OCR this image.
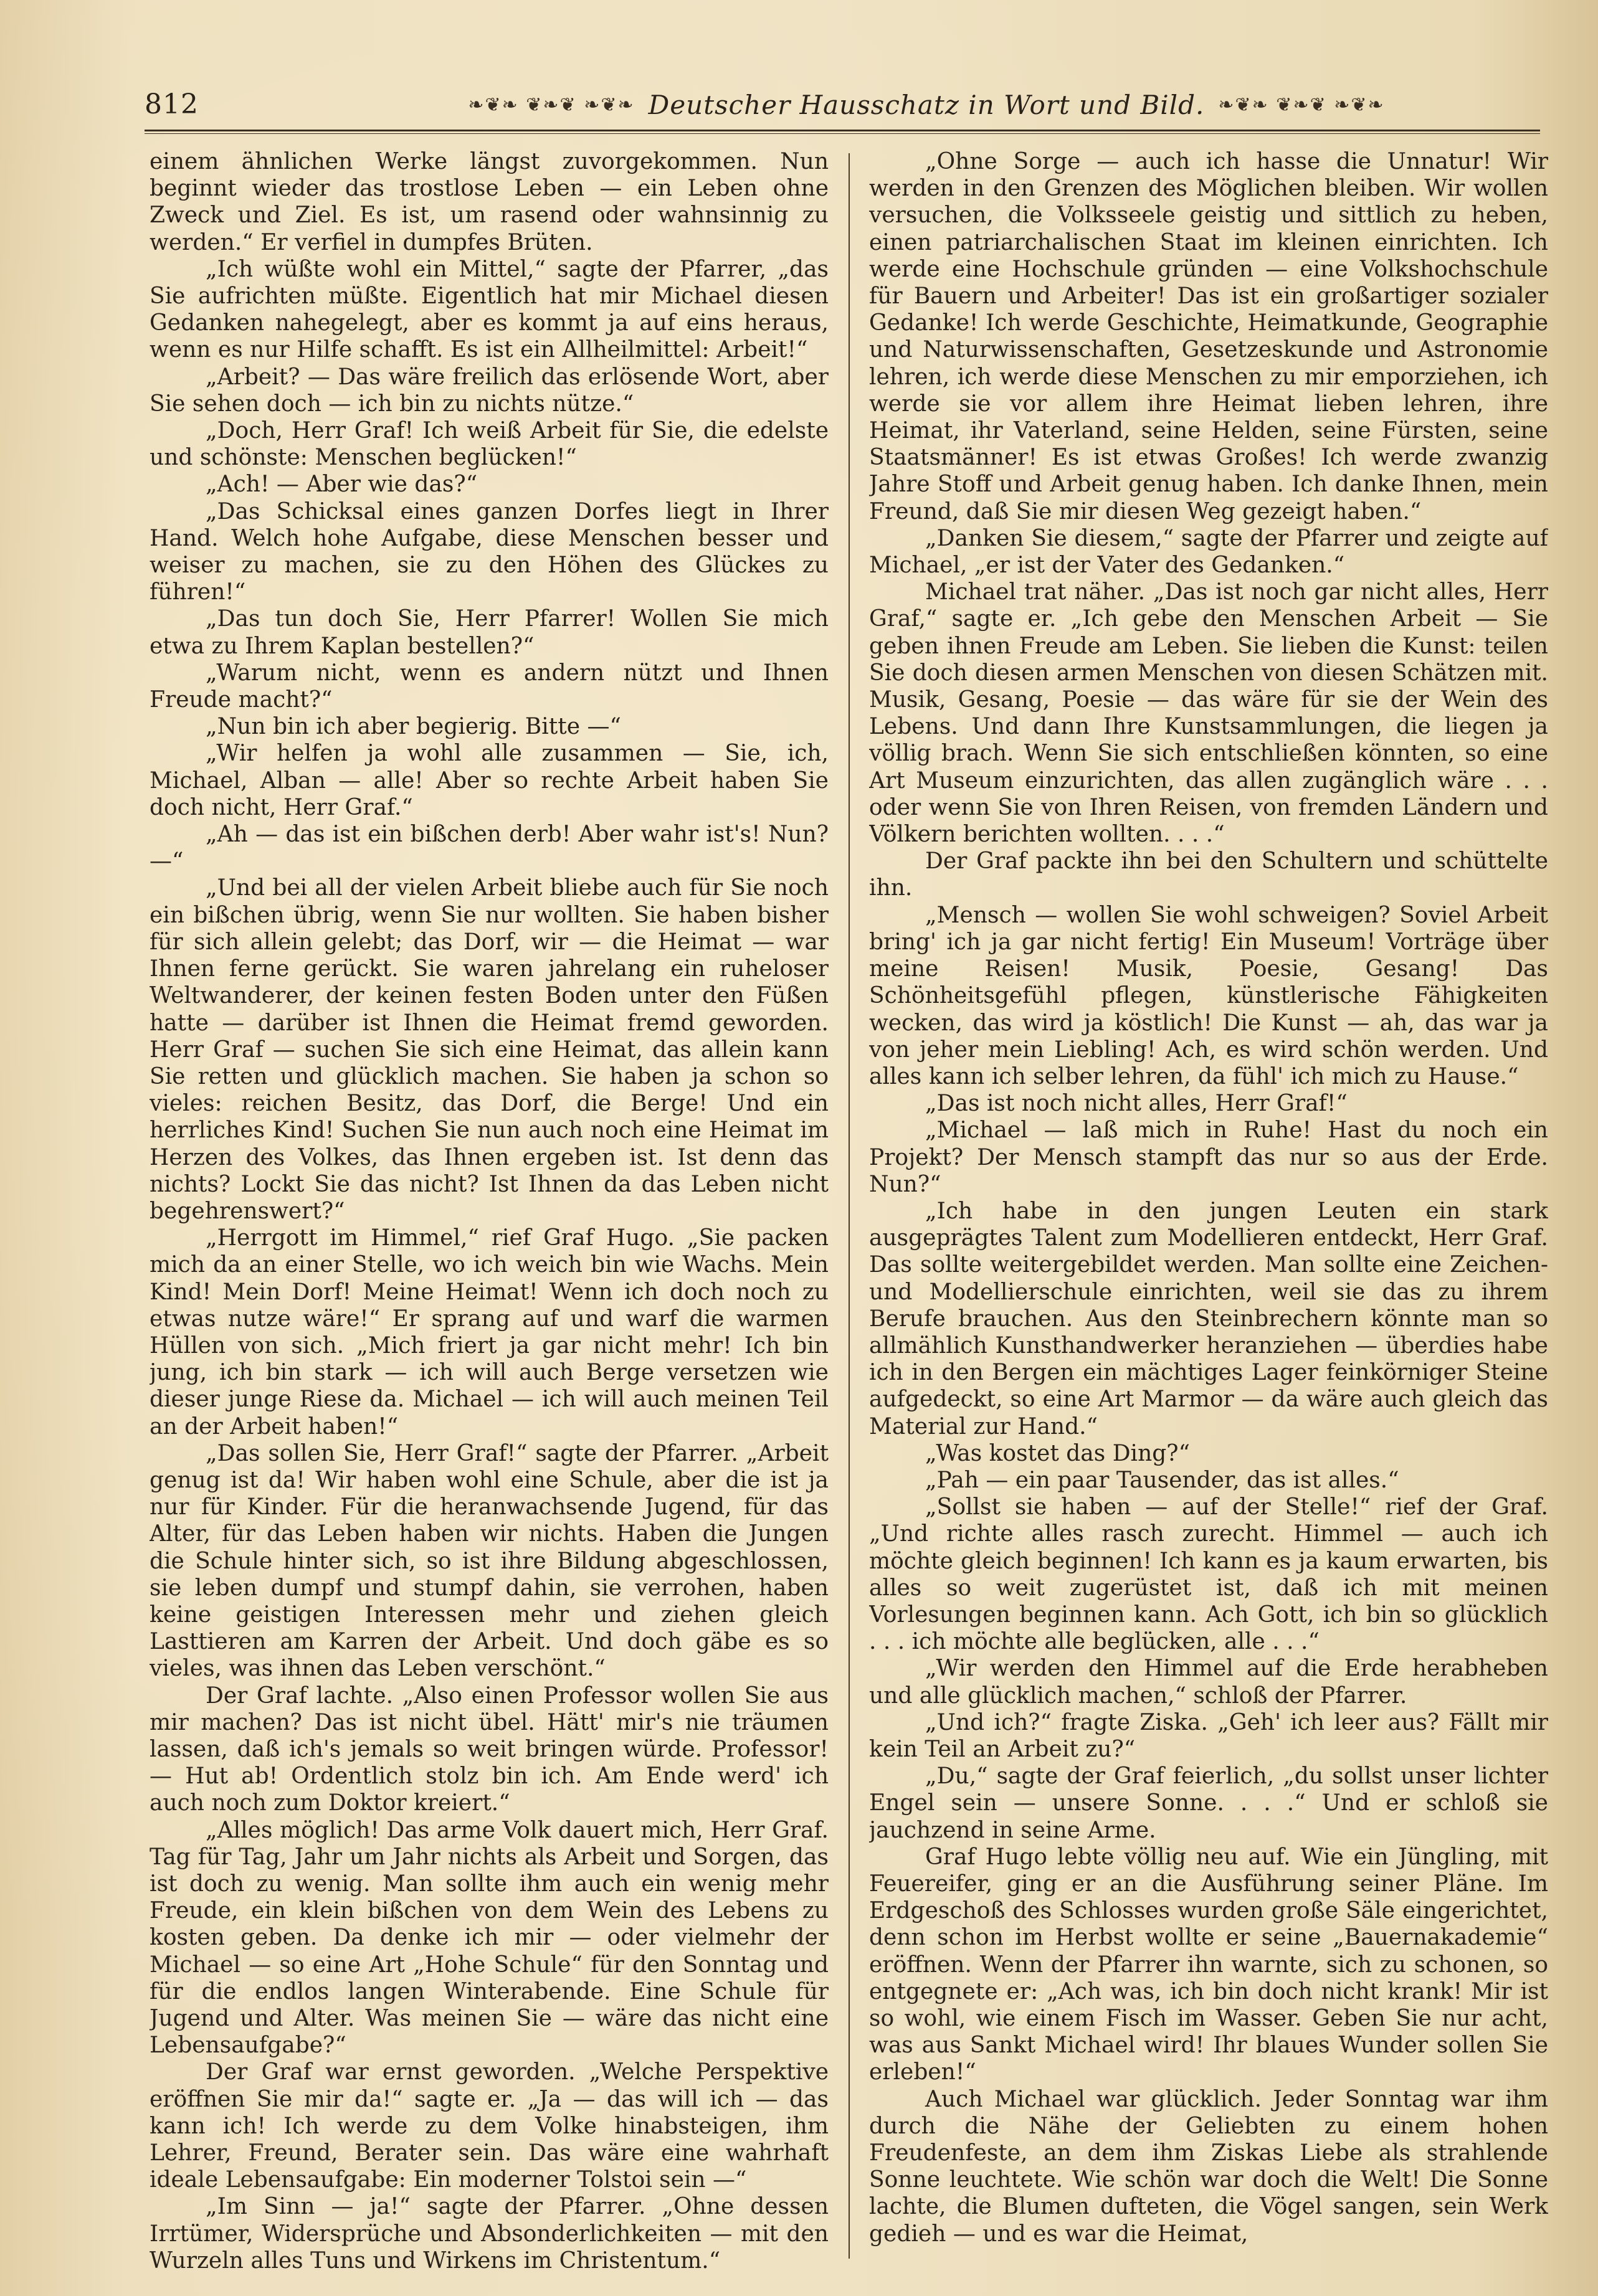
812	❧❦❧ ❦❧❦ ❧❦❧ Deutscher Hausschatz in Wort und Bild. ❧❦❧ ❦❧❦ ❧❦❧

einem ähnlichen Werke längst zuvorgekommen. Nun beginnt wieder das trostlose Leben — ein Leben ohne Zweck und Ziel. Es ist, um rasend oder wahnsinnig zu werden.“ Er verfiel in dumpfes Brüten.

„Ich wüßte wohl ein Mittel,“ sagte der Pfarrer, „das Sie aufrichten müßte. Eigentlich hat mir Michael diesen Gedanken nahegelegt, aber es kommt ja auf eins heraus, wenn es nur Hilfe schafft. Es ist ein Allheilmittel: Arbeit!“

„Arbeit? — Das wäre freilich das erlösende Wort, aber Sie sehen doch — ich bin zu nichts nütze.“

„Doch, Herr Graf! Ich weiß Arbeit für Sie, die edelste und schönste: Menschen beglücken!“

„Ach! — Aber wie das?“

„Das Schicksal eines ganzen Dorfes liegt in Ihrer Hand. Welch hohe Aufgabe, diese Menschen besser und weiser zu machen, sie zu den Höhen des Glückes zu führen!“

„Das tun doch Sie, Herr Pfarrer! Wollen Sie mich etwa zu Ihrem Kaplan bestellen?“

„Warum nicht, wenn es andern nützt und Ihnen Freude macht?“

„Nun bin ich aber begierig. Bitte —“

„Wir helfen ja wohl alle zusammen — Sie, ich, Michael, Alban — alle! Aber so rechte Arbeit haben Sie doch nicht, Herr Graf.“

„Ah — das ist ein bißchen derb! Aber wahr ist's! Nun? —“

„Und bei all der vielen Arbeit bliebe auch für Sie noch ein bißchen übrig, wenn Sie nur wollten. Sie haben bisher für sich allein gelebt; das Dorf, wir — die Heimat — war Ihnen ferne gerückt. Sie waren jahrelang ein ruheloser Weltwanderer, der keinen festen Boden unter den Füßen hatte — darüber ist Ihnen die Heimat fremd geworden. Herr Graf — suchen Sie sich eine Heimat, das allein kann Sie retten und glücklich machen. Sie haben ja schon so vieles: reichen Besitz, das Dorf, die Berge! Und ein herrliches Kind! Suchen Sie nun auch noch eine Heimat im Herzen des Volkes, das Ihnen ergeben ist. Ist denn das nichts? Lockt Sie das nicht? Ist Ihnen da das Leben nicht begehrenswert?“

„Herrgott im Himmel,“ rief Graf Hugo. „Sie packen mich da an einer Stelle, wo ich weich bin wie Wachs. Mein Kind! Mein Dorf! Meine Heimat! Wenn ich doch noch zu etwas nutze wäre!“ Er sprang auf und warf die warmen Hüllen von sich. „Mich friert ja gar nicht mehr! Ich bin jung, ich bin stark — ich will auch Berge versetzen wie dieser junge Riese da. Michael — ich will auch meinen Teil an der Arbeit haben!“

„Das sollen Sie, Herr Graf!“ sagte der Pfarrer. „Arbeit genug ist da! Wir haben wohl eine Schule, aber die ist ja nur für Kinder. Für die heranwachsende Jugend, für das Alter, für das Leben haben wir nichts. Haben die Jungen die Schule hinter sich, so ist ihre Bildung abgeschlossen, sie leben dumpf und stumpf dahin, sie verrohen, haben keine geistigen Interessen mehr und ziehen gleich Lasttieren am Karren der Arbeit. Und doch gäbe es so vieles, was ihnen das Leben verschönt.“

Der Graf lachte. „Also einen Professor wollen Sie aus mir machen? Das ist nicht übel. Hätt' mir's nie träumen lassen, daß ich's jemals so weit bringen würde. Professor! — Hut ab! Ordentlich stolz bin ich. Am Ende werd' ich auch noch zum Doktor kreiert.“

„Alles möglich! Das arme Volk dauert mich, Herr Graf. Tag für Tag, Jahr um Jahr nichts als Arbeit und Sorgen, das ist doch zu wenig. Man sollte ihm auch ein wenig mehr Freude, ein klein bißchen von dem Wein des Lebens zu kosten geben. Da denke ich mir — oder vielmehr der Michael — so eine Art „Hohe Schule“ für den Sonntag und für die endlos langen Winterabende. Eine Schule für Jugend und Alter. Was meinen Sie — wäre das nicht eine Lebensaufgabe?“

Der Graf war ernst geworden. „Welche Perspektive eröffnen Sie mir da!“ sagte er. „Ja — das will ich — das kann ich! Ich werde zu dem Volke hinabsteigen, ihm Lehrer, Freund, Berater sein. Das wäre eine wahrhaft ideale Lebensaufgabe: Ein moderner Tolstoi sein —“

„Im Sinn — ja!“ sagte der Pfarrer. „Ohne dessen Irrtümer, Widersprüche und Absonderlichkeiten — mit den Wurzeln alles Tuns und Wirkens im Christentum.“

„Ohne Sorge — auch ich hasse die Unnatur! Wir werden in den Grenzen des Möglichen bleiben. Wir wollen versuchen, die Volksseele geistig und sittlich zu heben, einen patriarchalischen Staat im kleinen einrichten. Ich werde eine Hochschule gründen — eine Volkshochschule für Bauern und Arbeiter! Das ist ein großartiger sozialer Gedanke! Ich werde Geschichte, Heimatkunde, Geographie und Naturwissenschaften, Gesetzeskunde und Astronomie lehren, ich werde diese Menschen zu mir emporziehen, ich werde sie vor allem ihre Heimat lieben lehren, ihre Heimat, ihr Vaterland, seine Helden, seine Fürsten, seine Staatsmänner! Es ist etwas Großes! Ich werde zwanzig Jahre Stoff und Arbeit genug haben. Ich danke Ihnen, mein Freund, daß Sie mir diesen Weg gezeigt haben.“

„Danken Sie diesem,“ sagte der Pfarrer und zeigte auf Michael, „er ist der Vater des Gedanken.“

Michael trat näher. „Das ist noch gar nicht alles, Herr Graf,“ sagte er. „Ich gebe den Menschen Arbeit — Sie geben ihnen Freude am Leben. Sie lieben die Kunst: teilen Sie doch diesen armen Menschen von diesen Schätzen mit. Musik, Gesang, Poesie — das wäre für sie der Wein des Lebens. Und dann Ihre Kunstsammlungen, die liegen ja völlig brach. Wenn Sie sich entschließen könnten, so eine Art Museum einzurichten, das allen zugänglich wäre . . . oder wenn Sie von Ihren Reisen, von fremden Ländern und Völkern berichten wollten. . . .“

Der Graf packte ihn bei den Schultern und schüttelte ihn.

„Mensch — wollen Sie wohl schweigen? Soviel Arbeit bring' ich ja gar nicht fertig! Ein Museum! Vorträge über meine Reisen! Musik, Poesie, Gesang! Das Schönheitsgefühl pflegen, künstlerische Fähigkeiten wecken, das wird ja köstlich! Die Kunst — ah, das war ja von jeher mein Liebling! Ach, es wird schön werden. Und alles kann ich selber lehren, da fühl' ich mich zu Hause.“

„Das ist noch nicht alles, Herr Graf!“

„Michael — laß mich in Ruhe! Hast du noch ein Projekt? Der Mensch stampft das nur so aus der Erde. Nun?“

„Ich habe in den jungen Leuten ein stark ausgeprägtes Talent zum Modellieren entdeckt, Herr Graf. Das sollte weitergebildet werden. Man sollte eine Zeichen- und Modellierschule einrichten, weil sie das zu ihrem Berufe brauchen. Aus den Steinbrechern könnte man so allmählich Kunsthandwerker heranziehen — überdies habe ich in den Bergen ein mächtiges Lager feinkörniger Steine aufgedeckt, so eine Art Marmor — da wäre auch gleich das Material zur Hand.“

„Was kostet das Ding?“

„Pah — ein paar Tausender, das ist alles.“

„Sollst sie haben — auf der Stelle!“ rief der Graf. „Und richte alles rasch zurecht. Himmel — auch ich möchte gleich beginnen! Ich kann es ja kaum erwarten, bis alles so weit zugerüstet ist, daß ich mit meinen Vorlesungen beginnen kann. Ach Gott, ich bin so glücklich . . . ich möchte alle beglücken, alle . . .“

„Wir werden den Himmel auf die Erde herabheben und alle glücklich machen,“ schloß der Pfarrer.

„Und ich?“ fragte Ziska. „Geh' ich leer aus? Fällt mir kein Teil an Arbeit zu?“

„Du,“ sagte der Graf feierlich, „du sollst unser lichter Engel sein — unsere Sonne. . . .“ Und er schloß sie jauchzend in seine Arme.

Graf Hugo lebte völlig neu auf. Wie ein Jüngling, mit Feuereifer, ging er an die Ausführung seiner Pläne. Im Erdgeschoß des Schlosses wurden große Säle eingerichtet, denn schon im Herbst wollte er seine „Bauernakademie“ eröffnen. Wenn der Pfarrer ihn warnte, sich zu schonen, so entgegnete er: „Ach was, ich bin doch nicht krank! Mir ist so wohl, wie einem Fisch im Wasser. Geben Sie nur acht, was aus Sankt Michael wird! Ihr blaues Wunder sollen Sie erleben!“

Auch Michael war glücklich. Jeder Sonntag war ihm durch die Nähe der Geliebten zu einem hohen Freudenfeste, an dem ihm Ziskas Liebe als strahlende Sonne leuchtete. Wie schön war doch die Welt! Die Sonne lachte, die Blumen dufteten, die Vögel sangen, sein Werk gedieh — und es war die Heimat,
